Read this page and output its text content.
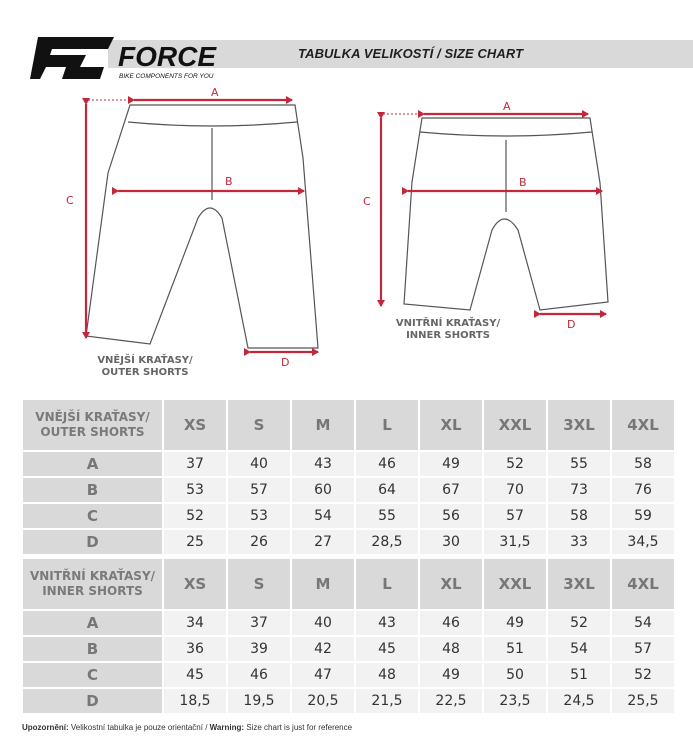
TABULKA VELIKOSTÍ / SIZE CHART
FORCE
BIKE COMPONENTS FOR YOU
A
B
C
D
A
B
C
D
VNĚJŠÍ KRAŤASY/
OUTER SHORTS
VNITŘNÍ KRAŤASY/
INNER SHORTS
VNĚJŠÍ KRAŤASY/
OUTER SHORTS	XS	S	M	L	XL	XXL	3XL	4XL
A	37	40	43	46	49	52	55	58
B	53	57	60	64	67	70	73	76
C	52	53	54	55	56	57	58	59
D	25	26	27	28,5	30	31,5	33	34,5
VNITŘNÍ KRAŤASY/
INNER SHORTS	XS	S	M	L	XL	XXL	3XL	4XL
A	34	37	40	43	46	49	52	54
B	36	39	42	45	48	51	54	57
C	45	46	47	48	49	50	51	52
D	18,5	19,5	20,5	21,5	22,5	23,5	24,5	25,5
Upozornění: Velikostní tabulka je pouze orientační / Warning: Size chart is just for reference
